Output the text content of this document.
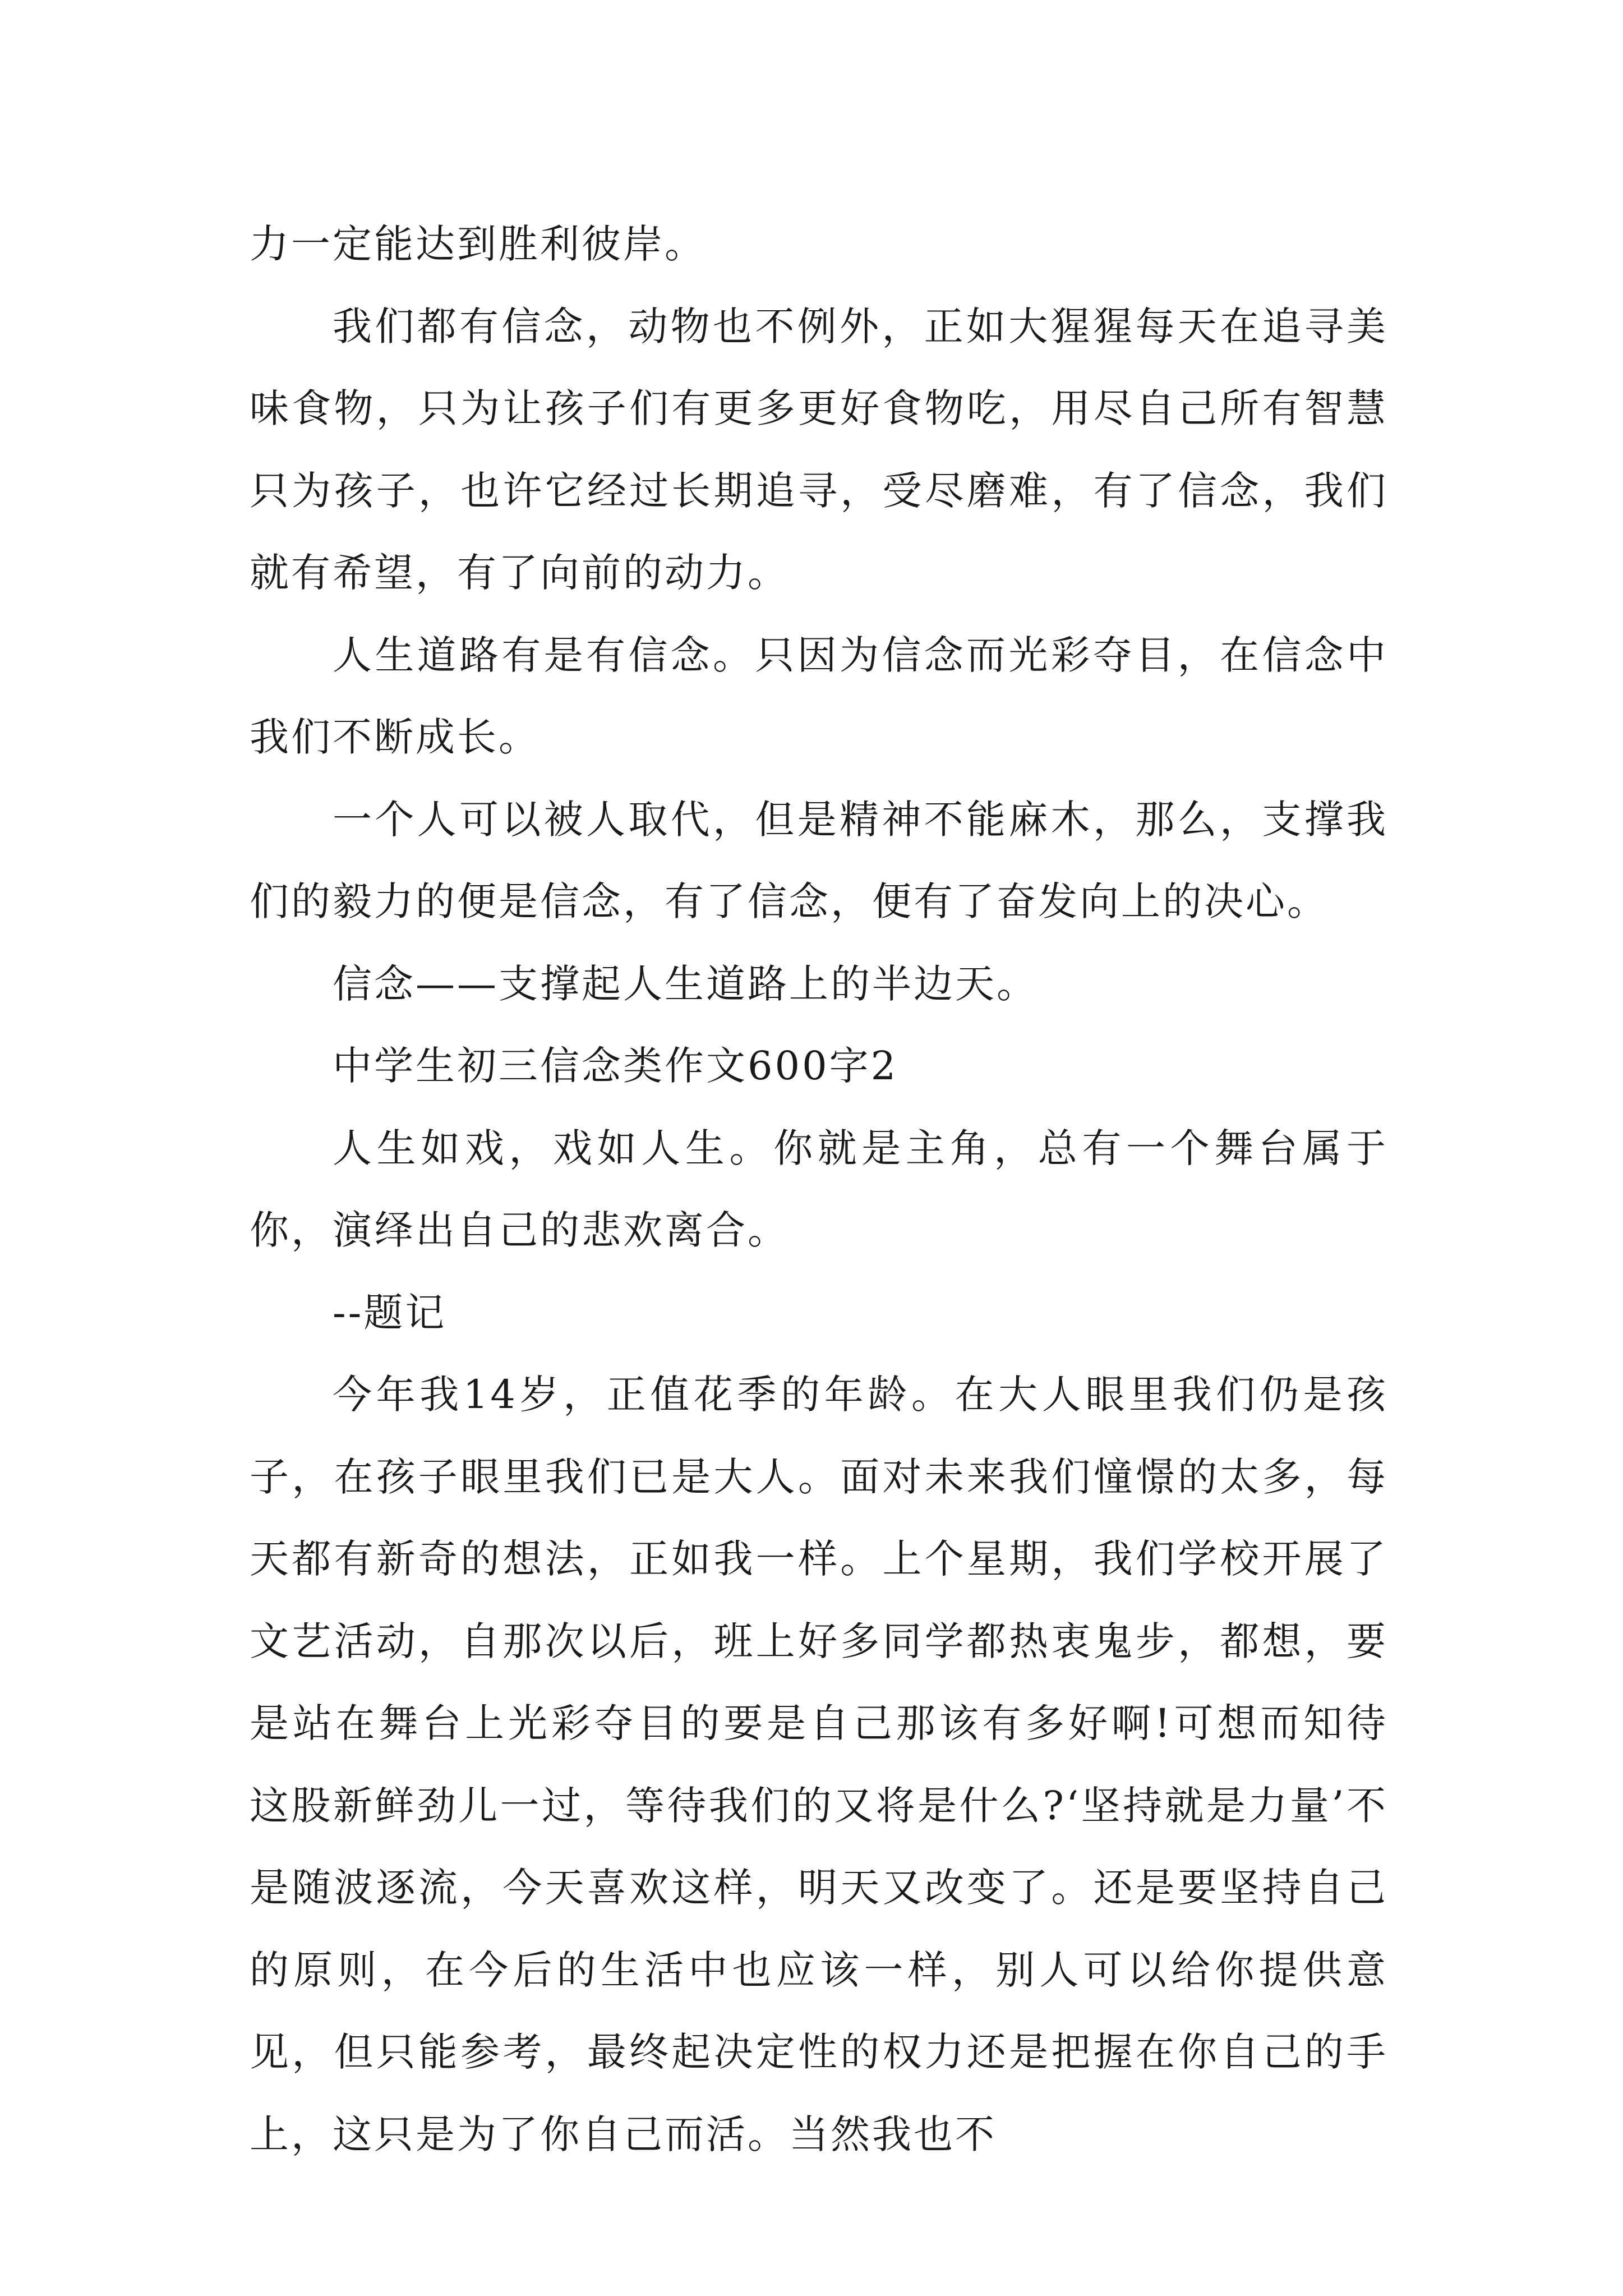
力一定能达到胜利彼岸。

我们都有信念，动物也不例外，正如大猩猩每天在追寻美味食物，只为让孩子们有更多更好食物吃，用尽自己所有智慧只为孩子，也许它经过长期追寻，受尽磨难，有了信念，我们就有希望，有了向前的动力。

人生道路有是有信念。只因为信念而光彩夺目，在信念中我们不断成长。

一个人可以被人取代，但是精神不能麻木，那么，支撑我们的毅力的便是信念，有了信念，便有了奋发向上的决心。

信念——支撑起人生道路上的半边天。

中学生初三信念类作文600字2

人生如戏，戏如人生。你就是主角，总有一个舞台属于你，演绎出自己的悲欢离合。

--题记

今年我14岁，正值花季的年龄。在大人眼里我们仍是孩子，在孩子眼里我们已是大人。面对未来我们憧憬的太多，每天都有新奇的想法，正如我一样。上个星期，我们学校开展了文艺活动，自那次以后，班上好多同学都热衷鬼步，都想，要是站在舞台上光彩夺目的要是自己那该有多好啊!可想而知待这股新鲜劲儿一过，等待我们的又将是什么?‘坚持就是力量’不是随波逐流，今天喜欢这样，明天又改变了。还是要坚持自己的原则，在今后的生活中也应该一样，别人可以给你提供意见，但只能参考，最终起决定性的权力还是把握在你自己的手上，这只是为了你自己而活。当然我也不
